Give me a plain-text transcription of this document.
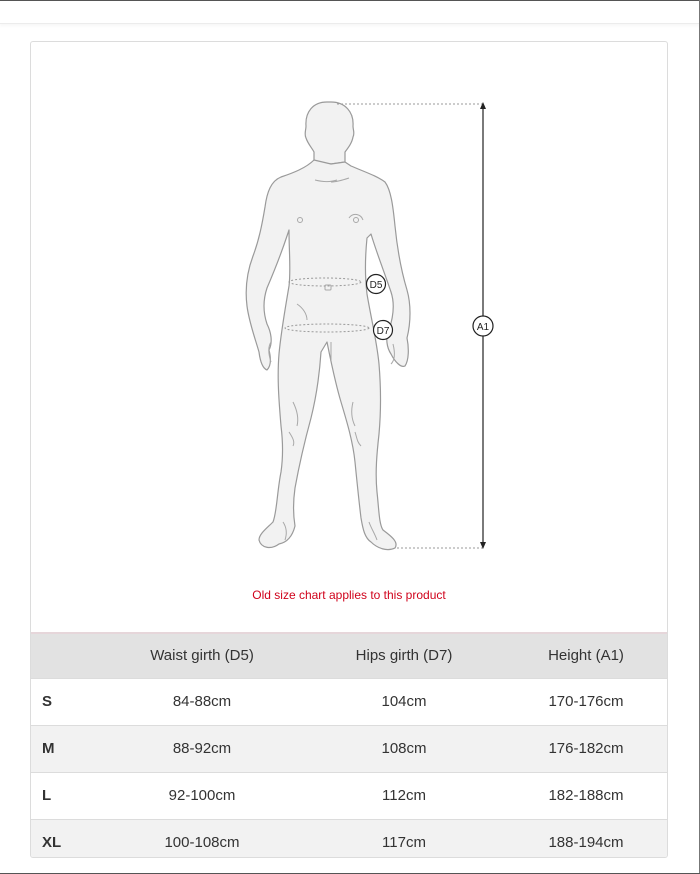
D5
D7	A1
Old size chart applies to this product
	Waist girth (D5)	Hips girth (D7)	Height (A1)
S	84-88cm	104cm	170-176cm
M	88-92cm	108cm	176-182cm
L	92-100cm	112cm	182-188cm
XL	100-108cm	117cm	188-194cm
